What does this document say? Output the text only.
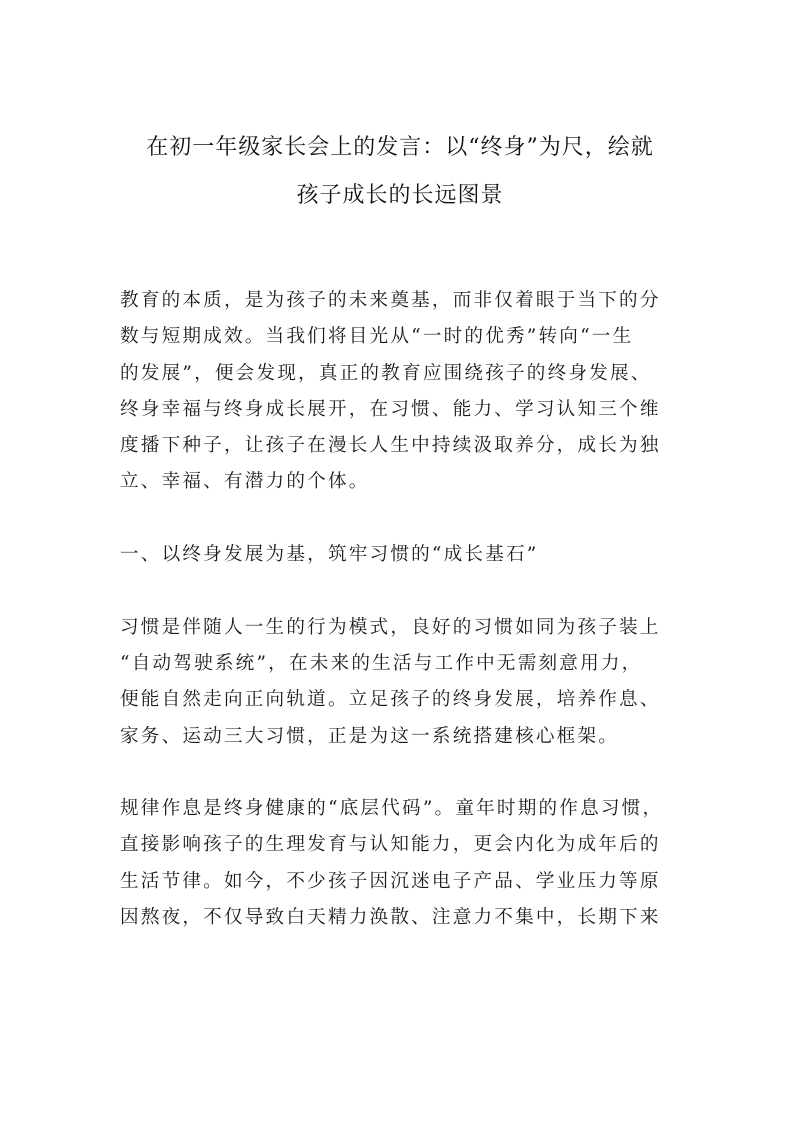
在初一年级家长会上的发言：以“终身”为尺，绘就
孩子成长的长远图景

教育的本质，是为孩子的未来奠基，而非仅着眼于当下的分

数与短期成效。当我们将目光从“一时的优秀”转向“一生

的发展”，便会发现，真正的教育应围绕孩子的终身发展、

终身幸福与终身成长展开，在习惯、能力、学习认知三个维

度播下种子，让孩子在漫长人生中持续汲取养分，成长为独

立、幸福、有潜力的个体。

一、以终身发展为基，筑牢习惯的“成长基石”

习惯是伴随人一生的行为模式，良好的习惯如同为孩子装上

“自动驾驶系统”，在未来的生活与工作中无需刻意用力，

便能自然走向正向轨道。立足孩子的终身发展，培养作息、

家务、运动三大习惯，正是为这一系统搭建核心框架。

规律作息是终身健康的“底层代码”。童年时期的作息习惯，

直接影响孩子的生理发育与认知能力，更会内化为成年后的

生活节律。如今，不少孩子因沉迷电子产品、学业压力等原

因熬夜，不仅导致白天精力涣散、注意力不集中，长期下来
